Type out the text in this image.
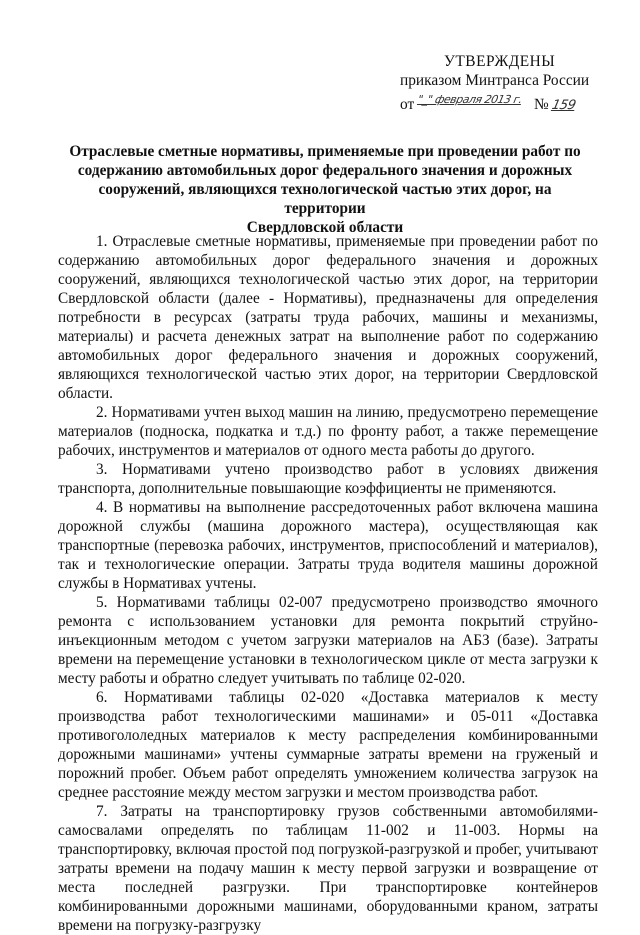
УТВЕРЖДЕНЫ
приказом Минтранса России
от "_" февраля 2013 г. № 159
Отраслевые сметные нормативы, применяемые при проведении работ по
содержанию автомобильных дорог федерального значения и дорожных
сооружений, являющихся технологической частью этих дорог, на территории
Свердловской области

1. Отраслевые сметные нормативы, применяемые при проведении работ по содержанию автомобильных дорог федерального значения и дорожных сооружений, являющихся технологической частью этих дорог, на территории Свердловской области (далее - Нормативы), предназначены для определения потребности в ресурсах (затраты труда рабочих, машины и механизмы, материалы) и расчета денежных затрат на выполнение работ по содержанию автомобильных дорог федерального значения и дорожных сооружений, являющихся технологической частью этих дорог, на территории Свердловской области.

2. Нормативами учтен выход машин на линию, предусмотрено перемещение материалов (подноска, подкатка и т.д.) по фронту работ, а также перемещение рабочих, инструментов и материалов от одного места работы до другого.

3. Нормативами учтено производство работ в условиях движения транспорта, дополнительные повышающие коэффициенты не применяются.

4. В нормативы на выполнение рассредоточенных работ включена машина дорожной службы (машина дорожного мастера), осуществляющая как транспортные (перевозка рабочих, инструментов, приспособлений и материалов), так и технологические операции. Затраты труда водителя машины дорожной службы в Нормативах учтены.

5. Нормативами таблицы 02-007 предусмотрено производство ямочного ремонта с использованием установки для ремонта покрытий струйно-инъекционным методом с учетом загрузки материалов на АБЗ (базе). Затраты времени на перемещение установки в технологическом цикле от места загрузки к месту работы и обратно следует учитывать по таблице 02-020.

6. Нормативами таблицы 02-020 «Доставка материалов к месту производства работ технологическими машинами» и 05-011 «Доставка противогололедных материалов к месту распределения комбинированными дорожными машинами» учтены суммарные затраты времени на груженый и порожний пробег. Объем работ определять умножением количества загрузок на среднее расстояние между местом загрузки и местом производства работ.

7. Затраты на транспортировку грузов собственными автомобилями-самосвалами определять по таблицам 11-002 и 11-003. Нормы на транспортировку, включая простой под погрузкой-разгрузкой и пробег, учитывают затраты времени на подачу машин к месту первой загрузки и возвращение от места последней разгрузки. При транспортировке контейнеров комбинированными дорожными машинами, оборудованными краном, затраты времени на погрузку-разгрузку
